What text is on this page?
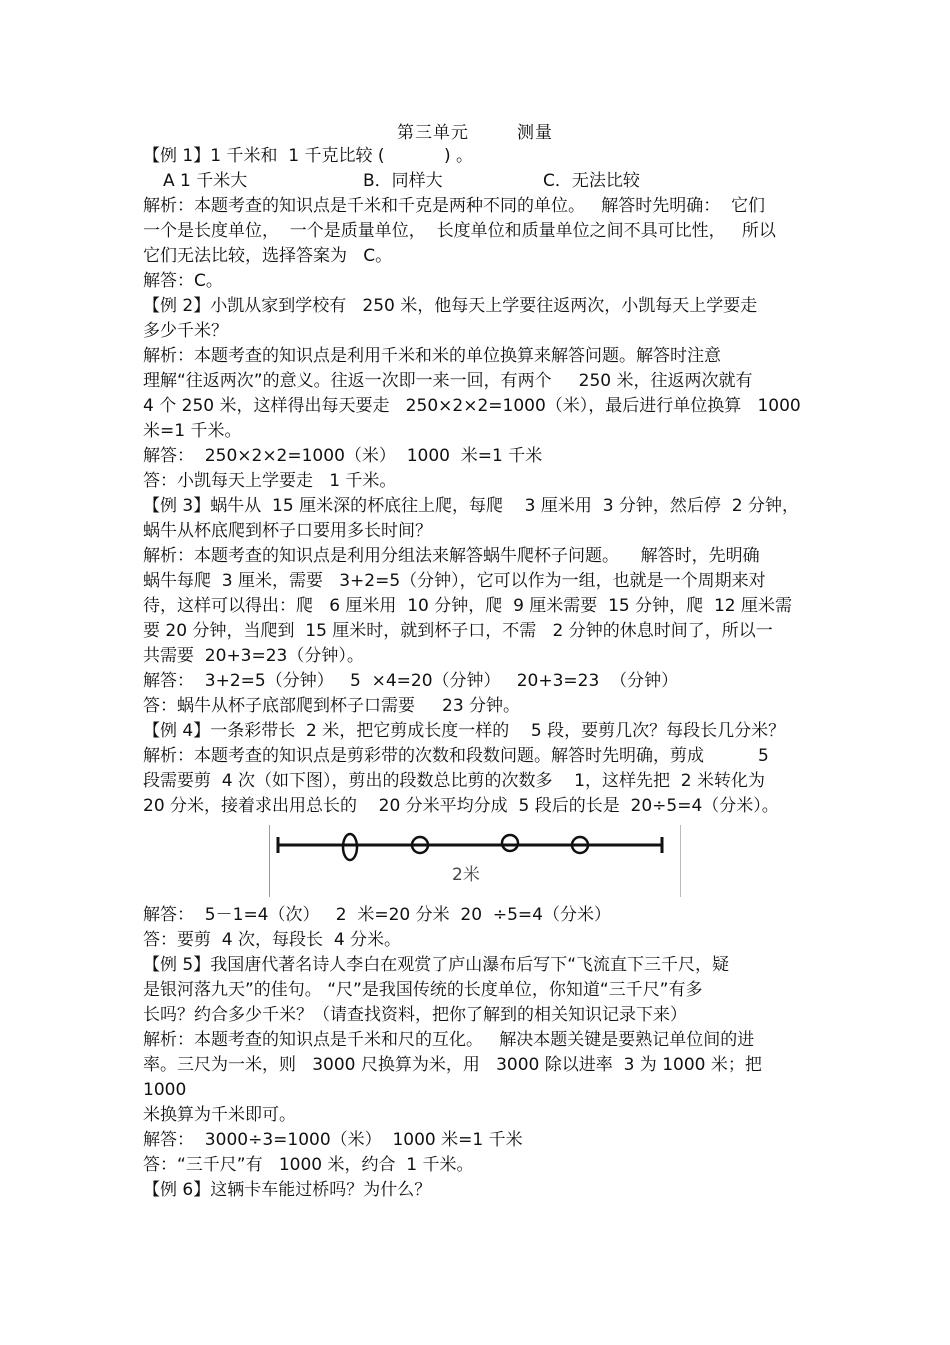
第三单元	测量

【例 1】1 千米和  1 千克比较 (           ) 。

A 1 千米大	B．同样大	C．无法比较

解析：本题考查的知识点是千米和千克是两种不同的单位。   解答时先明确：  它们

一个是长度单位，  一个是质量单位，  长度单位和质量单位之间不具可比性，   所以

它们无法比较，选择答案为   C。

解答：C。

【例 2】小凯从家到学校有   250 米，他每天上学要往返两次，小凯每天上学要走

多少千米？

解析：本题考查的知识点是利用千米和米的单位换算来解答问题。解答时注意

理解“往返两次”的意义。往返一次即一来一回，有两个     250 米，往返两次就有

4 个 250 米，这样得出每天要走   250×2×2=1000（米），最后进行单位换算   1000

米=1 千米。

解答：  250×2×2=1000（米）  1000  米=1 千米

答：小凯每天上学要走   1 千米。

【例 3】蜗牛从  15 厘米深的杯底往上爬，每爬    3 厘米用  3 分钟，然后停  2 分钟，

蜗牛从杯底爬到杯子口要用多长时间？

解析：本题考查的知识点是利用分组法来解答蜗牛爬杯子问题。    解答时，先明确

蜗牛每爬  3 厘米，需要   3+2=5（分钟），它可以作为一组，也就是一个周期来对

待，这样可以得出：爬   6 厘米用  10 分钟，爬  9 厘米需要  15 分钟，爬  12 厘米需

要 20 分钟，当爬到  15 厘米时，就到杯子口，不需   2 分钟的休息时间了，所以一

共需要  20+3=23（分钟）。

解答：  3+2=5（分钟）   5  ×4=20（分钟）   20+3=23  （分钟）

答：蜗牛从杯子底部爬到杯子口需要     23 分钟。

【例 4】一条彩带长  2 米，把它剪成长度一样的    5 段，要剪几次？每段长几分米？

解析：本题考查的知识点是剪彩带的次数和段数问题。解答时先明确，剪成          5

段需要剪  4 次（如下图），剪出的段数总比剪的次数多    1，这样先把  2 米转化为

20 分米，接着求出用总长的    20 分米平均分成  5 段后的长是  20÷5=4（分米）。

2米

解答：  5－1=4（次）   2  米=20 分米  20  ÷5=4（分米）

答：要剪  4 次，每段长  4 分米。

【例 5】我国唐代著名诗人李白在观赏了庐山瀑布后写下“飞流直下三千尺，疑

是银河落九天”的佳句。 “尺”是我国传统的长度单位，你知道“三千尺”有多

长吗？约合多少千米？（请查找资料，把你了解到的相关知识记录下来）

解析：本题考查的知识点是千米和尺的互化。   解决本题关键是要熟记单位间的进

率。三尺为一米，则   3000 尺换算为米，用   3000 除以进率  3 为 1000 米；把  1000

米换算为千米即可。

解答：  3000÷3=1000（米）  1000 米=1 千米

答：“三千尺”有   1000 米，约合  1 千米。

【例 6】这辆卡车能过桥吗？为什么？
